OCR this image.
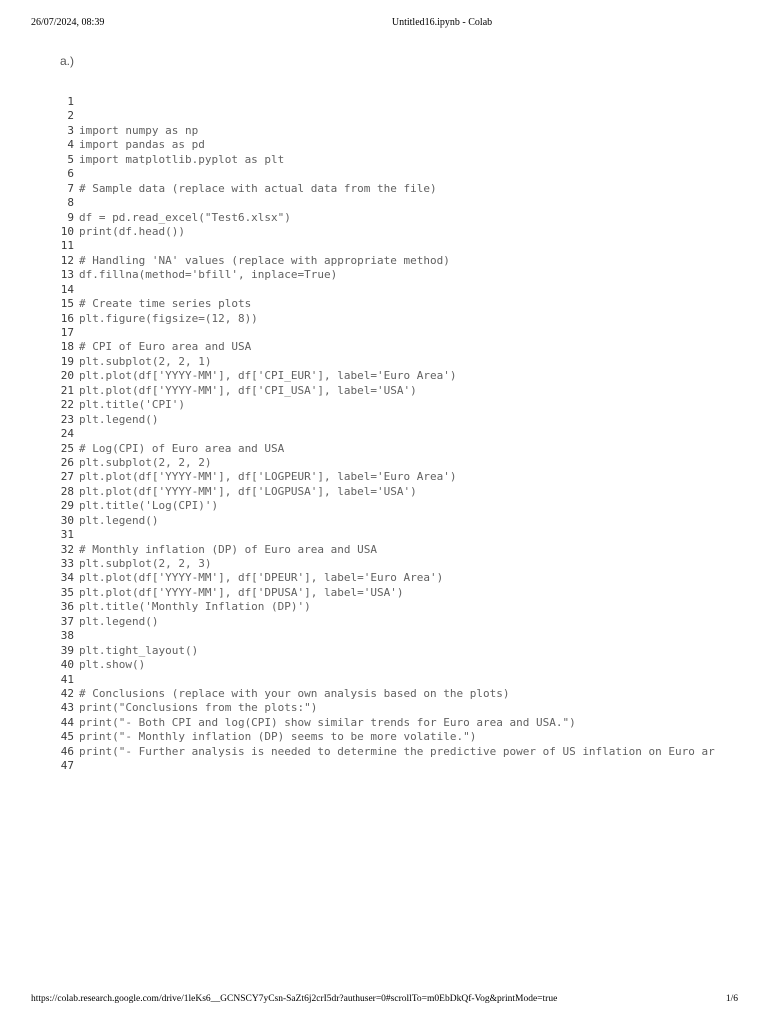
26/07/2024, 08:39	Untitled16.ipynb - Colab
a.)
1
2
3 import numpy as np
4 import pandas as pd
5 import matplotlib.pyplot as plt
6
7 # Sample data (replace with actual data from the file)
8
9 df = pd.read_excel("Test6.xlsx")
10 print(df.head())
11
12 # Handling 'NA' values (replace with appropriate method)
13 df.fillna(method='bfill', inplace=True)
14
15 # Create time series plots
16 plt.figure(figsize=(12, 8))
17
18 # CPI of Euro area and USA
19 plt.subplot(2, 2, 1)
20 plt.plot(df['YYYY-MM'], df['CPI_EUR'], label='Euro Area')
21 plt.plot(df['YYYY-MM'], df['CPI_USA'], label='USA')
22 plt.title('CPI')
23 plt.legend()
24
25 # Log(CPI) of Euro area and USA
26 plt.subplot(2, 2, 2)
27 plt.plot(df['YYYY-MM'], df['LOGPEUR'], label='Euro Area')
28 plt.plot(df['YYYY-MM'], df['LOGPUSA'], label='USA')
29 plt.title('Log(CPI)')
30 plt.legend()
31
32 # Monthly inflation (DP) of Euro area and USA
33 plt.subplot(2, 2, 3)
34 plt.plot(df['YYYY-MM'], df['DPEUR'], label='Euro Area')
35 plt.plot(df['YYYY-MM'], df['DPUSA'], label='USA')
36 plt.title('Monthly Inflation (DP)')
37 plt.legend()
38
39 plt.tight_layout()
40 plt.show()
41
42 # Conclusions (replace with your own analysis based on the plots)
43 print("Conclusions from the plots:")
44 print("- Both CPI and log(CPI) show similar trends for Euro area and USA.")
45 print("- Monthly inflation (DP) seems to be more volatile.")
46 print("- Further analysis is needed to determine the predictive power of US inflation on Euro ar
47
https://colab.research.google.com/drive/1leKs6__GCNSCY7yCsn-SaZt6j2crI5dr?authuser=0#scrollTo=m0EbDkQf-Vog&printMode=true	1/6
